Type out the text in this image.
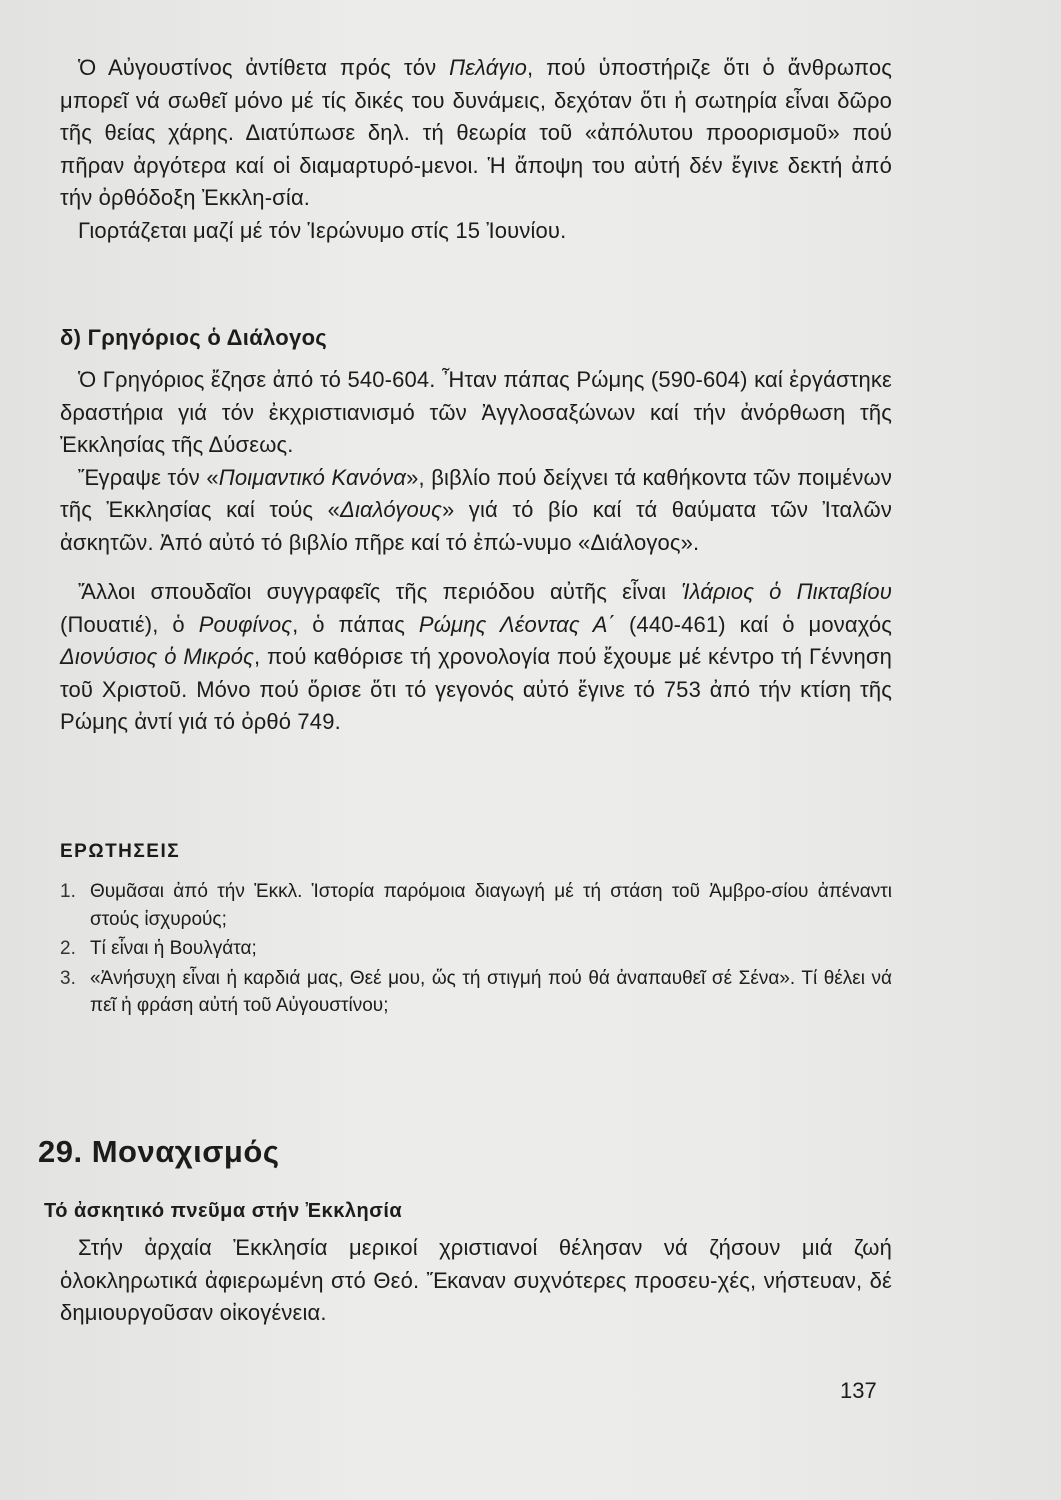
Ὁ Αὐγουστίνος ἀντίθετα πρός τόν Πελάγιο, πού ὑποστήριζε ὅτι ὁ ἄνθρωπος μπορεῖ νά σωθεῖ μόνο μέ τίς δικές του δυνάμεις, δεχόταν ὅτι ἡ σωτηρία εἶναι δῶρο τῆς θείας χάρης. Διατύπωσε δηλ. τή θεωρία τοῦ «ἀπόλυτου προορισμοῦ» πού πῆραν ἀργότερα καί οἱ διαμαρτυρό-μενοι. Ἡ ἄποψη του αὐτή δέν ἔγινε δεκτή ἀπό τήν ὀρθόδοξη Ἐκκλη-σία.

Γιορτάζεται μαζί μέ τόν Ἱερώνυμο στίς 15 Ἰουνίου.

δ) Γρηγόριος ὁ Διάλογος

Ὁ Γρηγόριος ἔζησε ἀπό τό 540-604. Ἦταν πάπας Ρώμης (590-604) καί ἐργάστηκε δραστήρια γιά τόν ἐκχριστιανισμό τῶν Ἀγγλοσαξώνων καί τήν ἀνόρθωση τῆς Ἐκκλησίας τῆς Δύσεως.

Ἔγραψε τόν «Ποιμαντικό Κανόνα», βιβλίο πού δείχνει τά καθήκοντα τῶν ποιμένων τῆς Ἐκκλησίας καί τούς «Διαλόγους» γιά τό βίο καί τά θαύματα τῶν Ἰταλῶν ἀσκητῶν. Ἀπό αὐτό τό βιβλίο πῆρε καί τό ἐπώ-νυμο «Διάλογος».

Ἄλλοι σπουδαῖοι συγγραφεῖς τῆς περιόδου αὐτῆς εἶναι Ἱλάριος ὁ Πικταβίου (Πουατιέ), ὁ Ρουφίνος, ὁ πάπας Ρώμης Λέοντας Α΄ (440-461) καί ὁ μοναχός Διονύσιος ὁ Μικρός, πού καθόρισε τή χρονολογία πού ἔχουμε μέ κέντρο τή Γέννηση τοῦ Χριστοῦ. Μόνο πού ὅρισε ὅτι τό γεγονός αὐτό ἔγινε τό 753 ἀπό τήν κτίση τῆς Ρώμης ἀντί γιά τό ὀρθό 749.

ΕΡΩΤΗΣΕΙΣ
1. Θυμᾶσαι ἀπό τήν Ἐκκλ. Ἱστορία παρόμοια διαγωγή μέ τή στάση τοῦ Ἀμβρο-σίου ἀπέναντι στούς ἰσχυρούς;
2. Τί εἶναι ἡ Βουλγάτα;
3. «Ἀνήσυχη εἶναι ἡ καρδιά μας, Θεέ μου, ὥς τή στιγμή πού θά ἀναπαυθεῖ σέ Σένα». Τί θέλει νά πεῖ ἡ φράση αὐτή τοῦ Αὐγουστίνου;
29. Μοναχισμός
Τό ἀσκητικό πνεῦμα στήν Ἐκκλησία

Στήν ἀρχαία Ἐκκλησία μερικοί χριστιανοί θέλησαν νά ζήσουν μιά ζωή ὁλοκληρωτικά ἀφιερωμένη στό Θεό. Ἔκαναν συχνότερες προσευ-χές, νήστευαν, δέ δημιουργοῦσαν οἰκογένεια.

137
